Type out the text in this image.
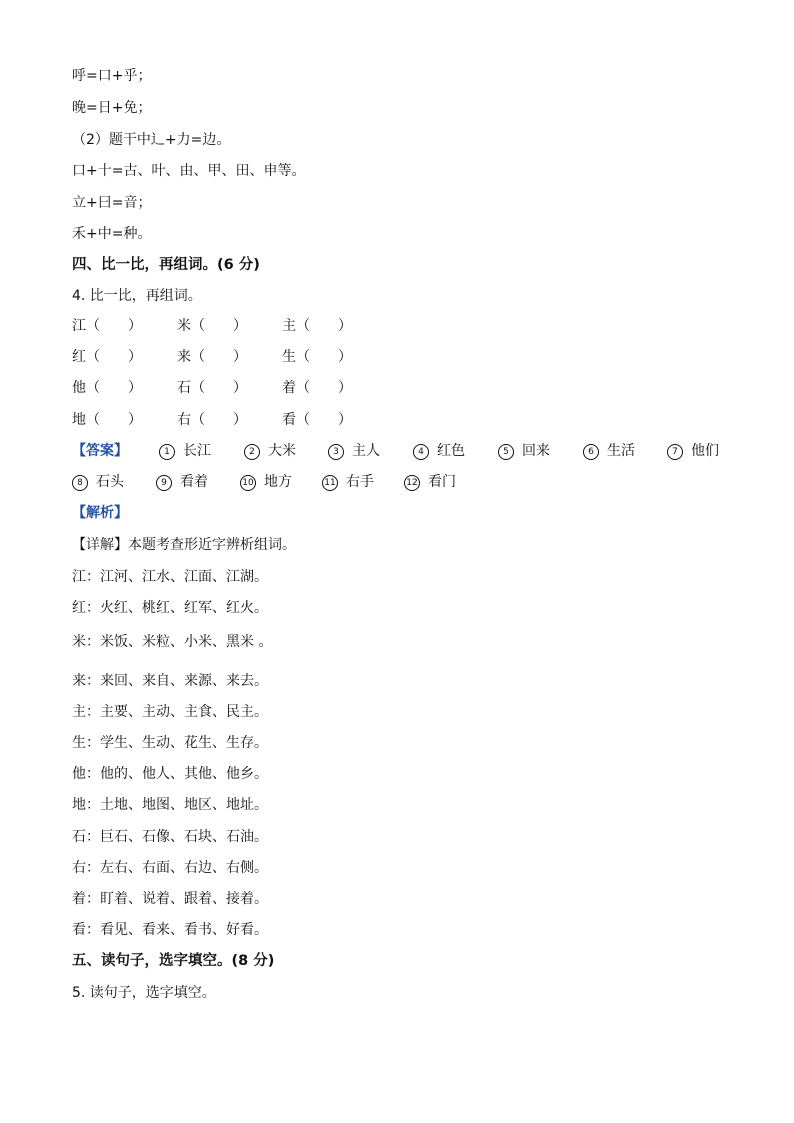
呼=口+乎；
晚=日+免；
（2）题干中辶+力=边。
口+十=古、叶、由、甲、田、申等。
立+曰=音；
禾+中=种。
四、比一比，再组词。(6 分)
4. 比一比，再组词。
江（　　）	米（　　）	主（　　）
红（　　）	来（　　）	生（　　）
他（　　）	石（　　）	着（　　）
地（　　）	右（　　）	看（　　）
【答案】	1 长江	2 大米	3 主人	4 红色	5 回来	6 生活	7 他们
8 石头	9 看着	10 地方	11 右手	12 看门
【解析】
【详解】本题考查形近字辨析组词。
江：江河、江水、江面、江湖。
红：火红、桃红、红军、红火。
米：米饭、米粒、小米、黑米 。
来：来回、来自、来源、来去。
主：主要、主动、主食、民主。
生：学生、生动、花生、生存。
他：他的、他人、其他、他乡。
地：土地、地图、地区、地址。
石：巨石、石像、石块、石油。
右：左右、右面、右边、右侧。
着：盯着、说着、跟着、接着。
看：看见、看来、看书、好看。
五、读句子，选字填空。(8 分)
5. 读句子，选字填空。
